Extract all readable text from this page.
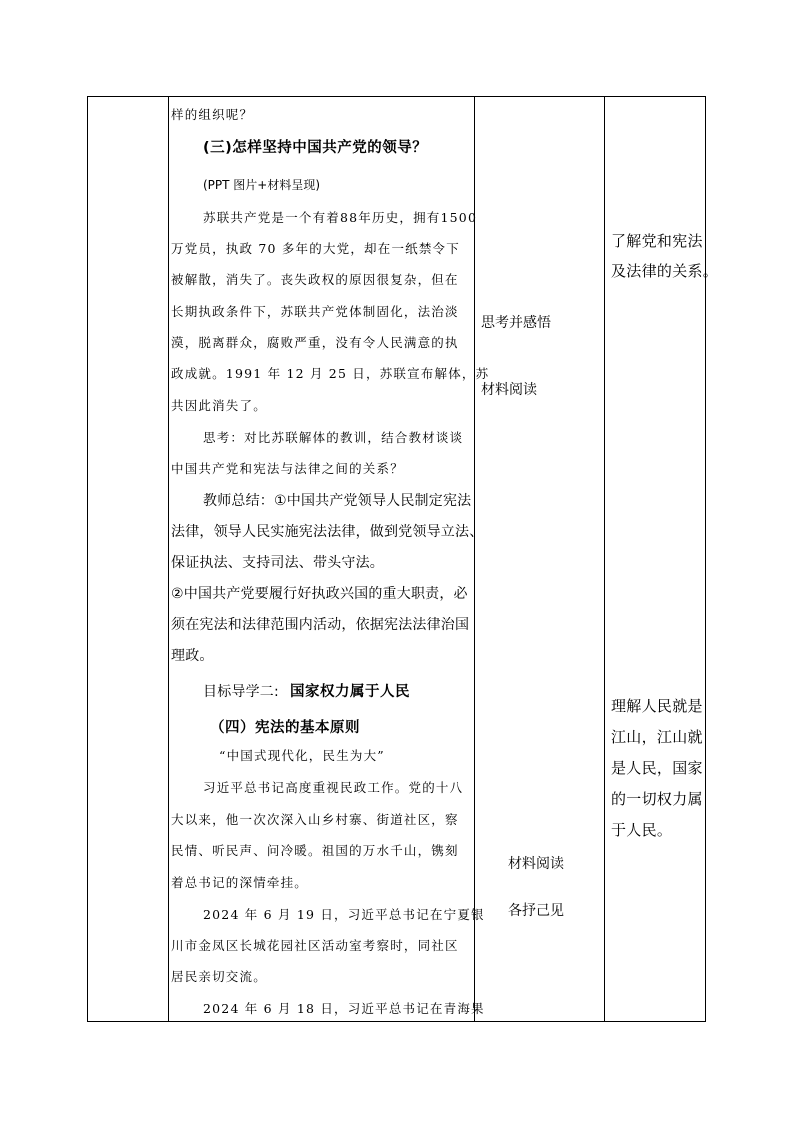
样的组织呢？
(三)怎样坚持中国共产党的领导？
(PPT 图片+材料呈现)
苏联共产党是一个有着88年历史，拥有1500
万党员，执政 70 多年的大党，却在一纸禁令下
被解散，消失了。丧失政权的原因很复杂，但在
长期执政条件下，苏联共产党体制固化，法治淡
漠，脱离群众，腐败严重，没有令人民满意的执
政成就。1991 年 12 月 25 日，苏联宣布解体，苏
共因此消失了。
思考：对比苏联解体的教训，结合教材谈谈
中国共产党和宪法与法律之间的关系？
教师总结：①中国共产党领导人民制定宪法
法律，领导人民实施宪法法律，做到党领导立法、
保证执法、支持司法、带头守法。
②中国共产党要履行好执政兴国的重大职责，必
须在宪法和法律范围内活动，依据宪法法律治国
理政。
目标导学二: 国家权力属于人民
（四）宪法的基本原则
“中国式现代化，民生为大”
习近平总书记高度重视民政工作。党的十八
大以来，他一次次深入山乡村寨、街道社区，察
民情、听民声、问冷暖。祖国的万水千山，镌刻
着总书记的深情牵挂。
2024 年 6 月 19 日，习近平总书记在宁夏银
川市金凤区长城花园社区活动室考察时，同社区
居民亲切交流。
2024 年 6 月 18 日，习近平总书记在青海果
思考并感悟
材料阅读
材料阅读
各抒己见
了解党和宪法
及法律的关系。
理解人民就是
江山，江山就
是人民，国家
的一切权力属
于人民。
